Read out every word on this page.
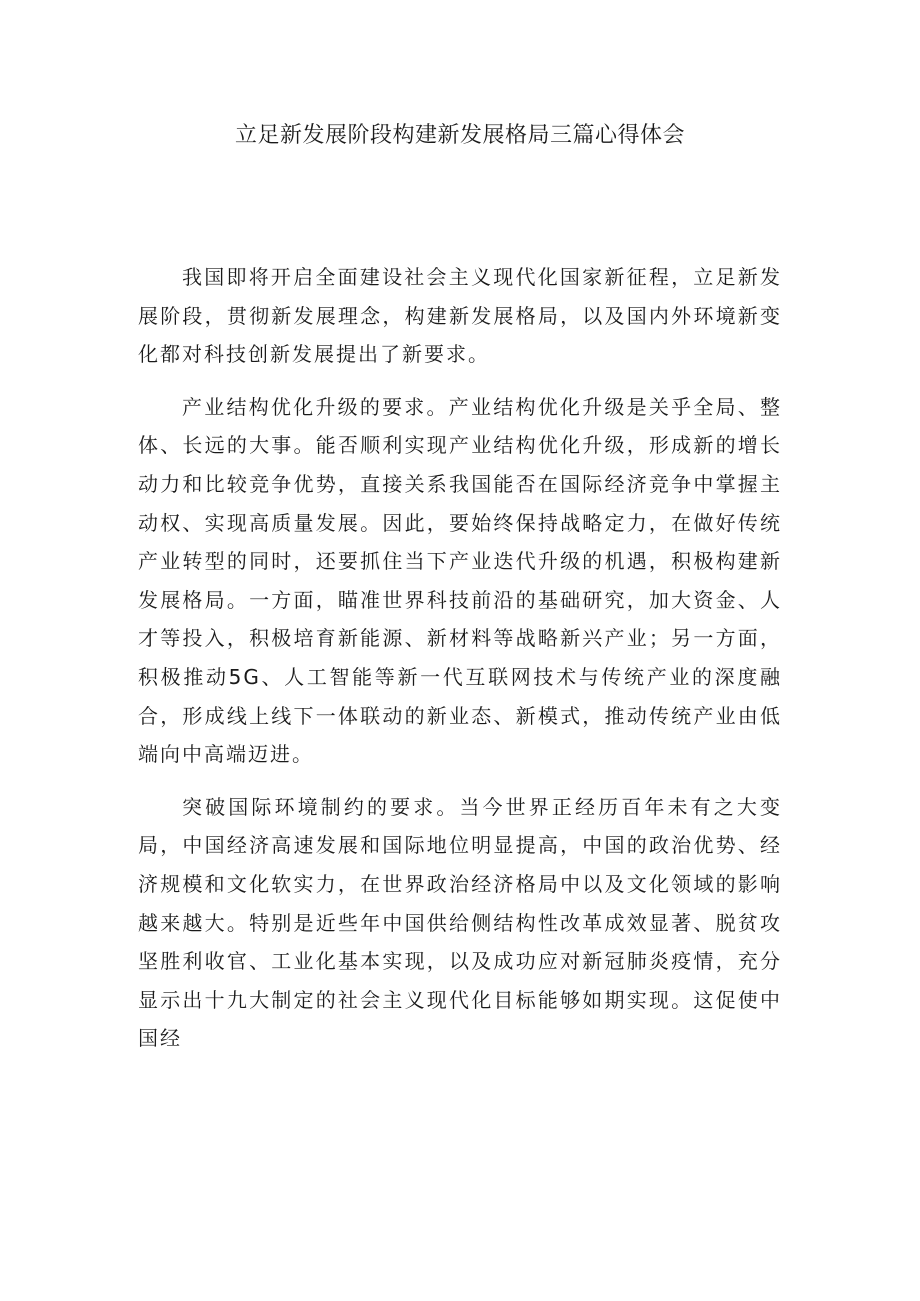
立足新发展阶段构建新发展格局三篇心得体会

我国即将开启全面建设社会主义现代化国家新征程，立足新发展阶段，贯彻新发展理念，构建新发展格局，以及国内外环境新变化都对科技创新发展提出了新要求。

产业结构优化升级的要求。产业结构优化升级是关乎全局、整体、长远的大事。能否顺利实现产业结构优化升级，形成新的增长动力和比较竞争优势，直接关系我国能否在国际经济竞争中掌握主动权、实现高质量发展。因此，要始终保持战略定力，在做好传统产业转型的同时，还要抓住当下产业迭代升级的机遇，积极构建新发展格局。一方面，瞄准世界科技前沿的基础研究，加大资金、人才等投入，积极培育新能源、新材料等战略新兴产业；另一方面，积极推动5G、人工智能等新一代互联网技术与传统产业的深度融合，形成线上线下一体联动的新业态、新模式，推动传统产业由低端向中高端迈进。

突破国际环境制约的要求。当今世界正经历百年未有之大变局，中国经济高速发展和国际地位明显提高，中国的政治优势、经济规模和文化软实力，在世界政治经济格局中以及文化领域的影响越来越大。特别是近些年中国供给侧结构性改革成效显著、脱贫攻坚胜利收官、工业化基本实现，以及成功应对新冠肺炎疫情，充分显示出十九大制定的社会主义现代化目标能够如期实现。这促使中国经
